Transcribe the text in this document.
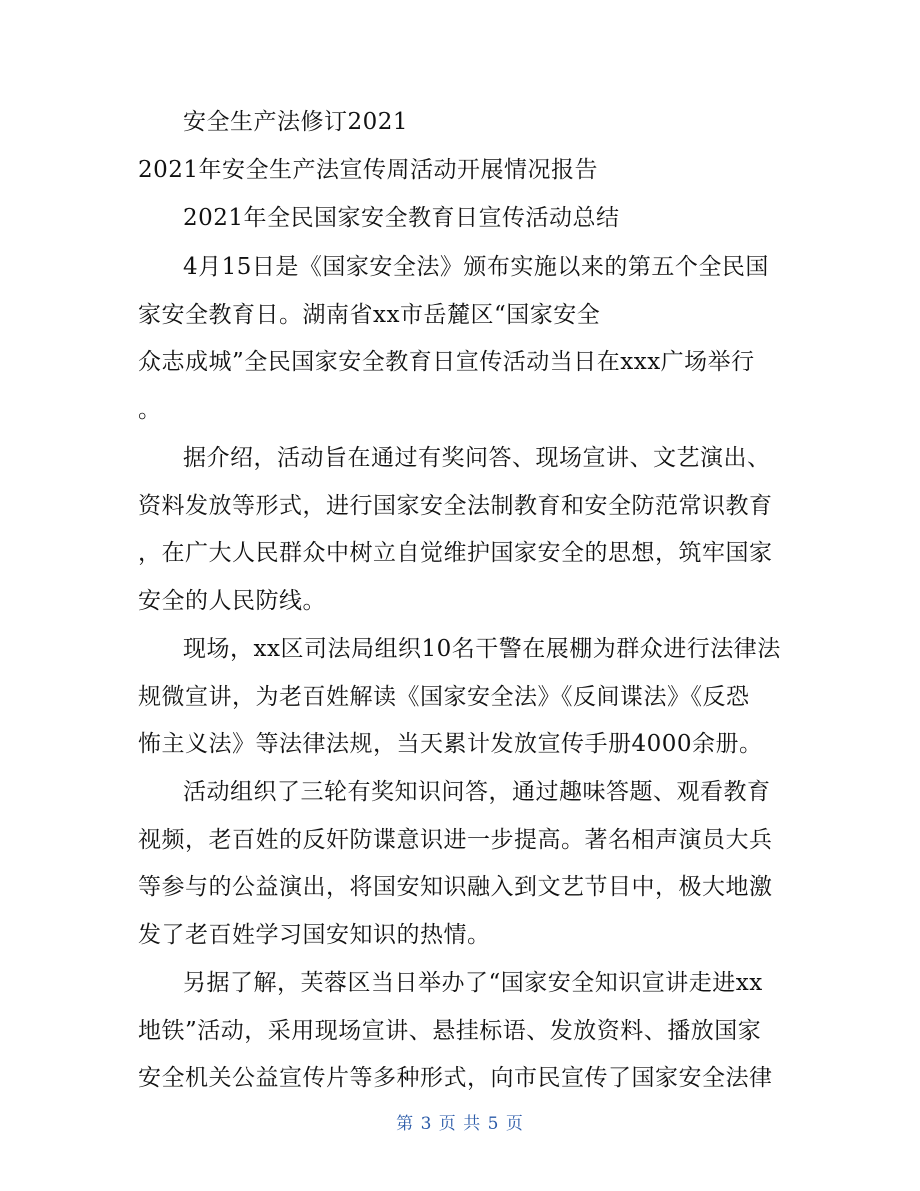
安全生产法修订2021

2021年安全生产法宣传周活动开展情况报告

2021年全民国家安全教育日宣传活动总结

4月15日是《国家安全法》颁布实施以来的第五个全民国

家安全教育日。湖南省xx市岳麓区“国家安全

众志成城”全民国家安全教育日宣传活动当日在xxx广场举行

。

据介绍，活动旨在通过有奖问答、现场宣讲、文艺演出、

资料发放等形式，进行国家安全法制教育和安全防范常识教育

，在广大人民群众中树立自觉维护国家安全的思想，筑牢国家

安全的人民防线。

现场，xx区司法局组织10名干警在展棚为群众进行法律法

规微宣讲，为老百姓解读《国家安全法》《反间谍法》《反恐

怖主义法》等法律法规，当天累计发放宣传手册4000余册。

活动组织了三轮有奖知识问答，通过趣味答题、观看教育

视频，老百姓的反奸防谍意识进一步提高。著名相声演员大兵

等参与的公益演出，将国安知识融入到文艺节目中，极大地激

发了老百姓学习国安知识的热情。

另据了解，芙蓉区当日举办了“国家安全知识宣讲走进xx

地铁”活动，采用现场宣讲、悬挂标语、发放资料、播放国家

安全机关公益宣传片等多种形式，向市民宣传了国家安全法律

第 3 页 共 5 页
